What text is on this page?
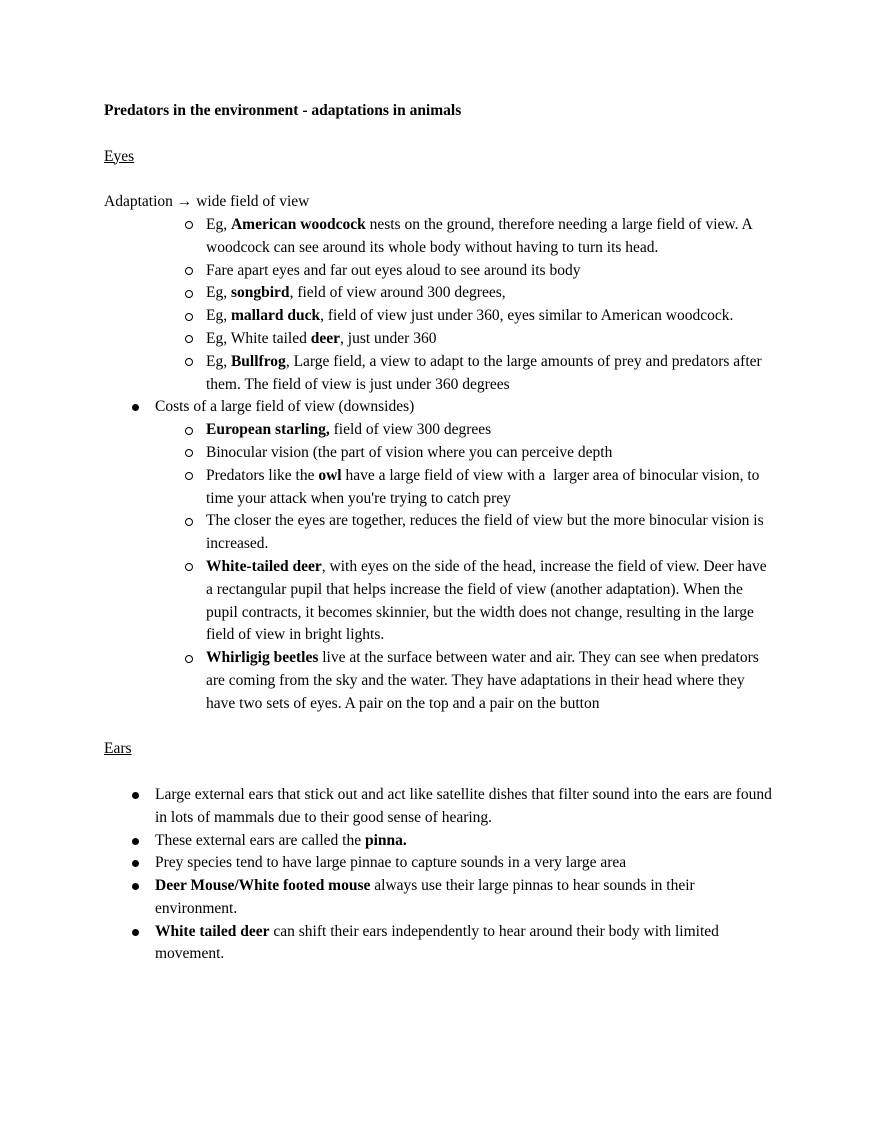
Predators in the environment - adaptations in animals
Eyes
Adaptation → wide field of view
Eg, American woodcock nests on the ground, therefore needing a large field of view. A woodcock can see around its whole body without having to turn its head.
Fare apart eyes and far out eyes aloud to see around its body
Eg, songbird, field of view around 300 degrees,
Eg, mallard duck, field of view just under 360, eyes similar to American woodcock.
Eg, White tailed deer, just under 360
Eg, Bullfrog, Large field, a view to adapt to the large amounts of prey and predators after them. The field of view is just under 360 degrees
Costs of a large field of view (downsides)
European starling, field of view 300 degrees
Binocular vision (the part of vision where you can perceive depth
Predators like the owl have a large field of view with a  larger area of binocular vision, to time your attack when you're trying to catch prey
The closer the eyes are together, reduces the field of view but the more binocular vision is increased.
White-tailed deer, with eyes on the side of the head, increase the field of view. Deer have a rectangular pupil that helps increase the field of view (another adaptation). When the pupil contracts, it becomes skinnier, but the width does not change, resulting in the large field of view in bright lights.
Whirligig beetles live at the surface between water and air. They can see when predators are coming from the sky and the water. They have adaptations in their head where they have two sets of eyes. A pair on the top and a pair on the button
Ears
Large external ears that stick out and act like satellite dishes that filter sound into the ears are found in lots of mammals due to their good sense of hearing.
These external ears are called the pinna.
Prey species tend to have large pinnae to capture sounds in a very large area
Deer Mouse/White footed mouse always use their large pinnas to hear sounds in their environment.
White tailed deer can shift their ears independently to hear around their body with limited movement.
